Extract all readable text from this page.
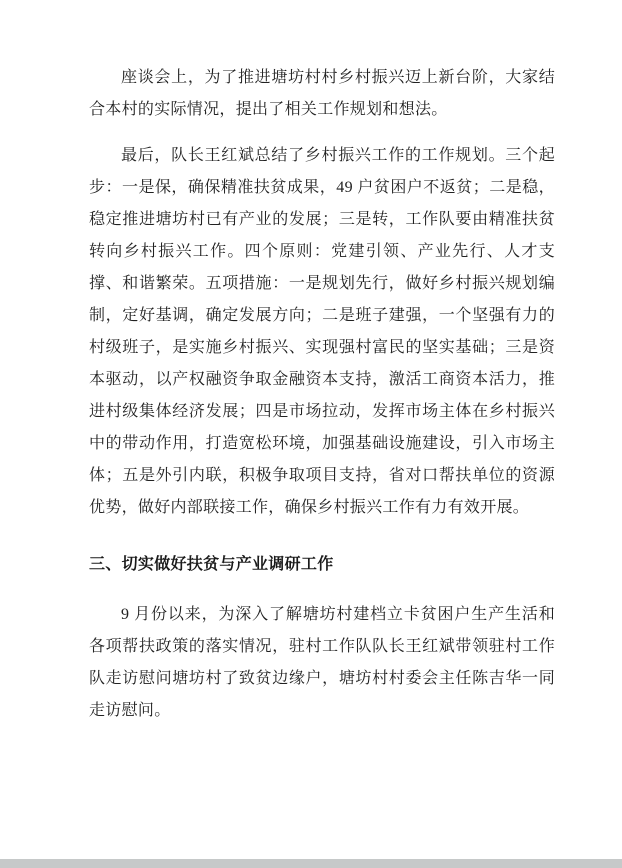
座谈会上，为了推进塘坊村村乡村振兴迈上新台阶，大家结合本村的实际情况，提出了相关工作规划和想法。

最后，队长王红斌总结了乡村振兴工作的工作规划。三个起步：一是保，确保精准扶贫成果，49 户贫困户不返贫；二是稳，稳定推进塘坊村已有产业的发展；三是转，工作队要由精准扶贫转向乡村振兴工作。四个原则：党建引领、产业先行、人才支撑、和谐繁荣。五项措施：一是规划先行，做好乡村振兴规划编制，定好基调，确定发展方向；二是班子建强，一个坚强有力的村级班子，是实施乡村振兴、实现强村富民的坚实基础；三是资本驱动，以产权融资争取金融资本支持，激活工商资本活力，推进村级集体经济发展；四是市场拉动，发挥市场主体在乡村振兴中的带动作用，打造宽松环境，加强基础设施建设，引入市场主体；五是外引内联，积极争取项目支持，省对口帮扶单位的资源优势，做好内部联接工作，确保乡村振兴工作有力有效开展。

三、切实做好扶贫与产业调研工作

9 月份以来，为深入了解塘坊村建档立卡贫困户生产生活和各项帮扶政策的落实情况，驻村工作队队长王红斌带领驻村工作队走访慰问塘坊村了致贫边缘户，塘坊村村委会主任陈吉华一同走访慰问。
